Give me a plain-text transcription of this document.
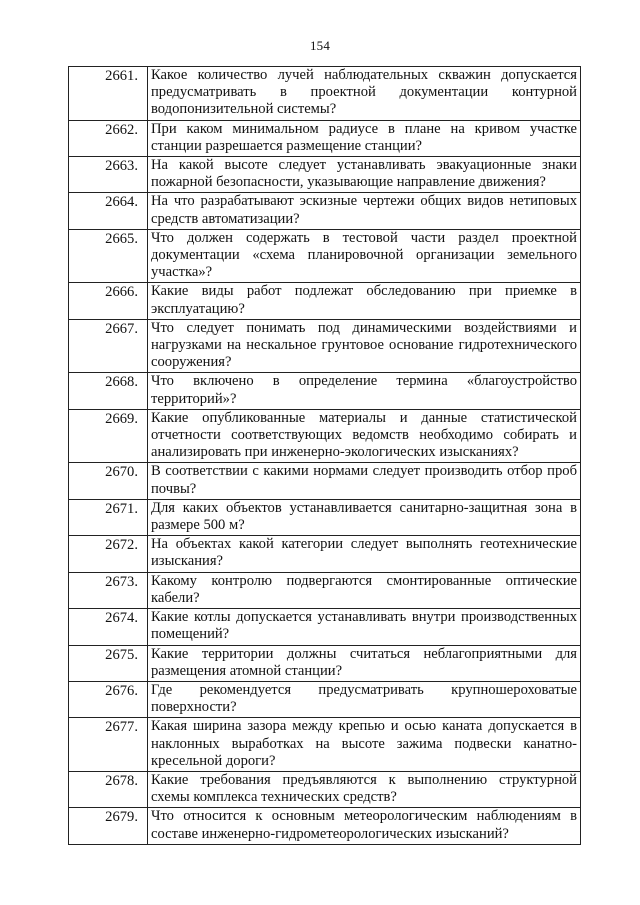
154
2661.	Какое количество лучей наблюдательных скважин допускается предусматривать в проектной документации контурной водопонизительной системы?
2662.	При каком минимальном радиусе в плане на кривом участке станции разрешается размещение станции?
2663.	На какой высоте следует устанавливать эвакуационные знаки пожарной безопасности, указывающие направление движения?
2664.	На что разрабатывают эскизные чертежи общих видов нетиповых средств автоматизации?
2665.	Что должен содержать в тестовой части раздел проектной документации «схема планировочной организации земельного участка»?
2666.	Какие виды работ подлежат обследованию при приемке в эксплуатацию?
2667.	Что следует понимать под динамическими воздействиями и нагрузками на нескальное грунтовое основание гидротехнического сооружения?
2668.	Что включено в определение термина «благоустройство территорий»?
2669.	Какие опубликованные материалы и данные статистической отчетности соответствующих ведомств необходимо собирать и анализировать при инженерно-экологических изысканиях?
2670.	В соответствии с какими нормами следует производить отбор проб почвы?
2671.	Для каких объектов устанавливается санитарно-защитная зона в размере 500 м?
2672.	На объектах какой категории следует выполнять геотехнические изыскания?
2673.	Какому контролю подвергаются смонтированные оптические кабели?
2674.	Какие котлы допускается устанавливать внутри производственных помещений?
2675.	Какие территории должны считаться неблагоприятными для размещения атомной станции?
2676.	Где рекомендуется предусматривать крупношероховатые поверхности?
2677.	Какая ширина зазора между крепью и осью каната допускается в наклонных выработках на высоте зажима подвески канатно-кресельной дороги?
2678.	Какие требования предъявляются к выполнению структурной схемы комплекса технических средств?
2679.	Что относится к основным метеорологическим наблюдениям в составе инженерно-гидрометеорологических изысканий?
